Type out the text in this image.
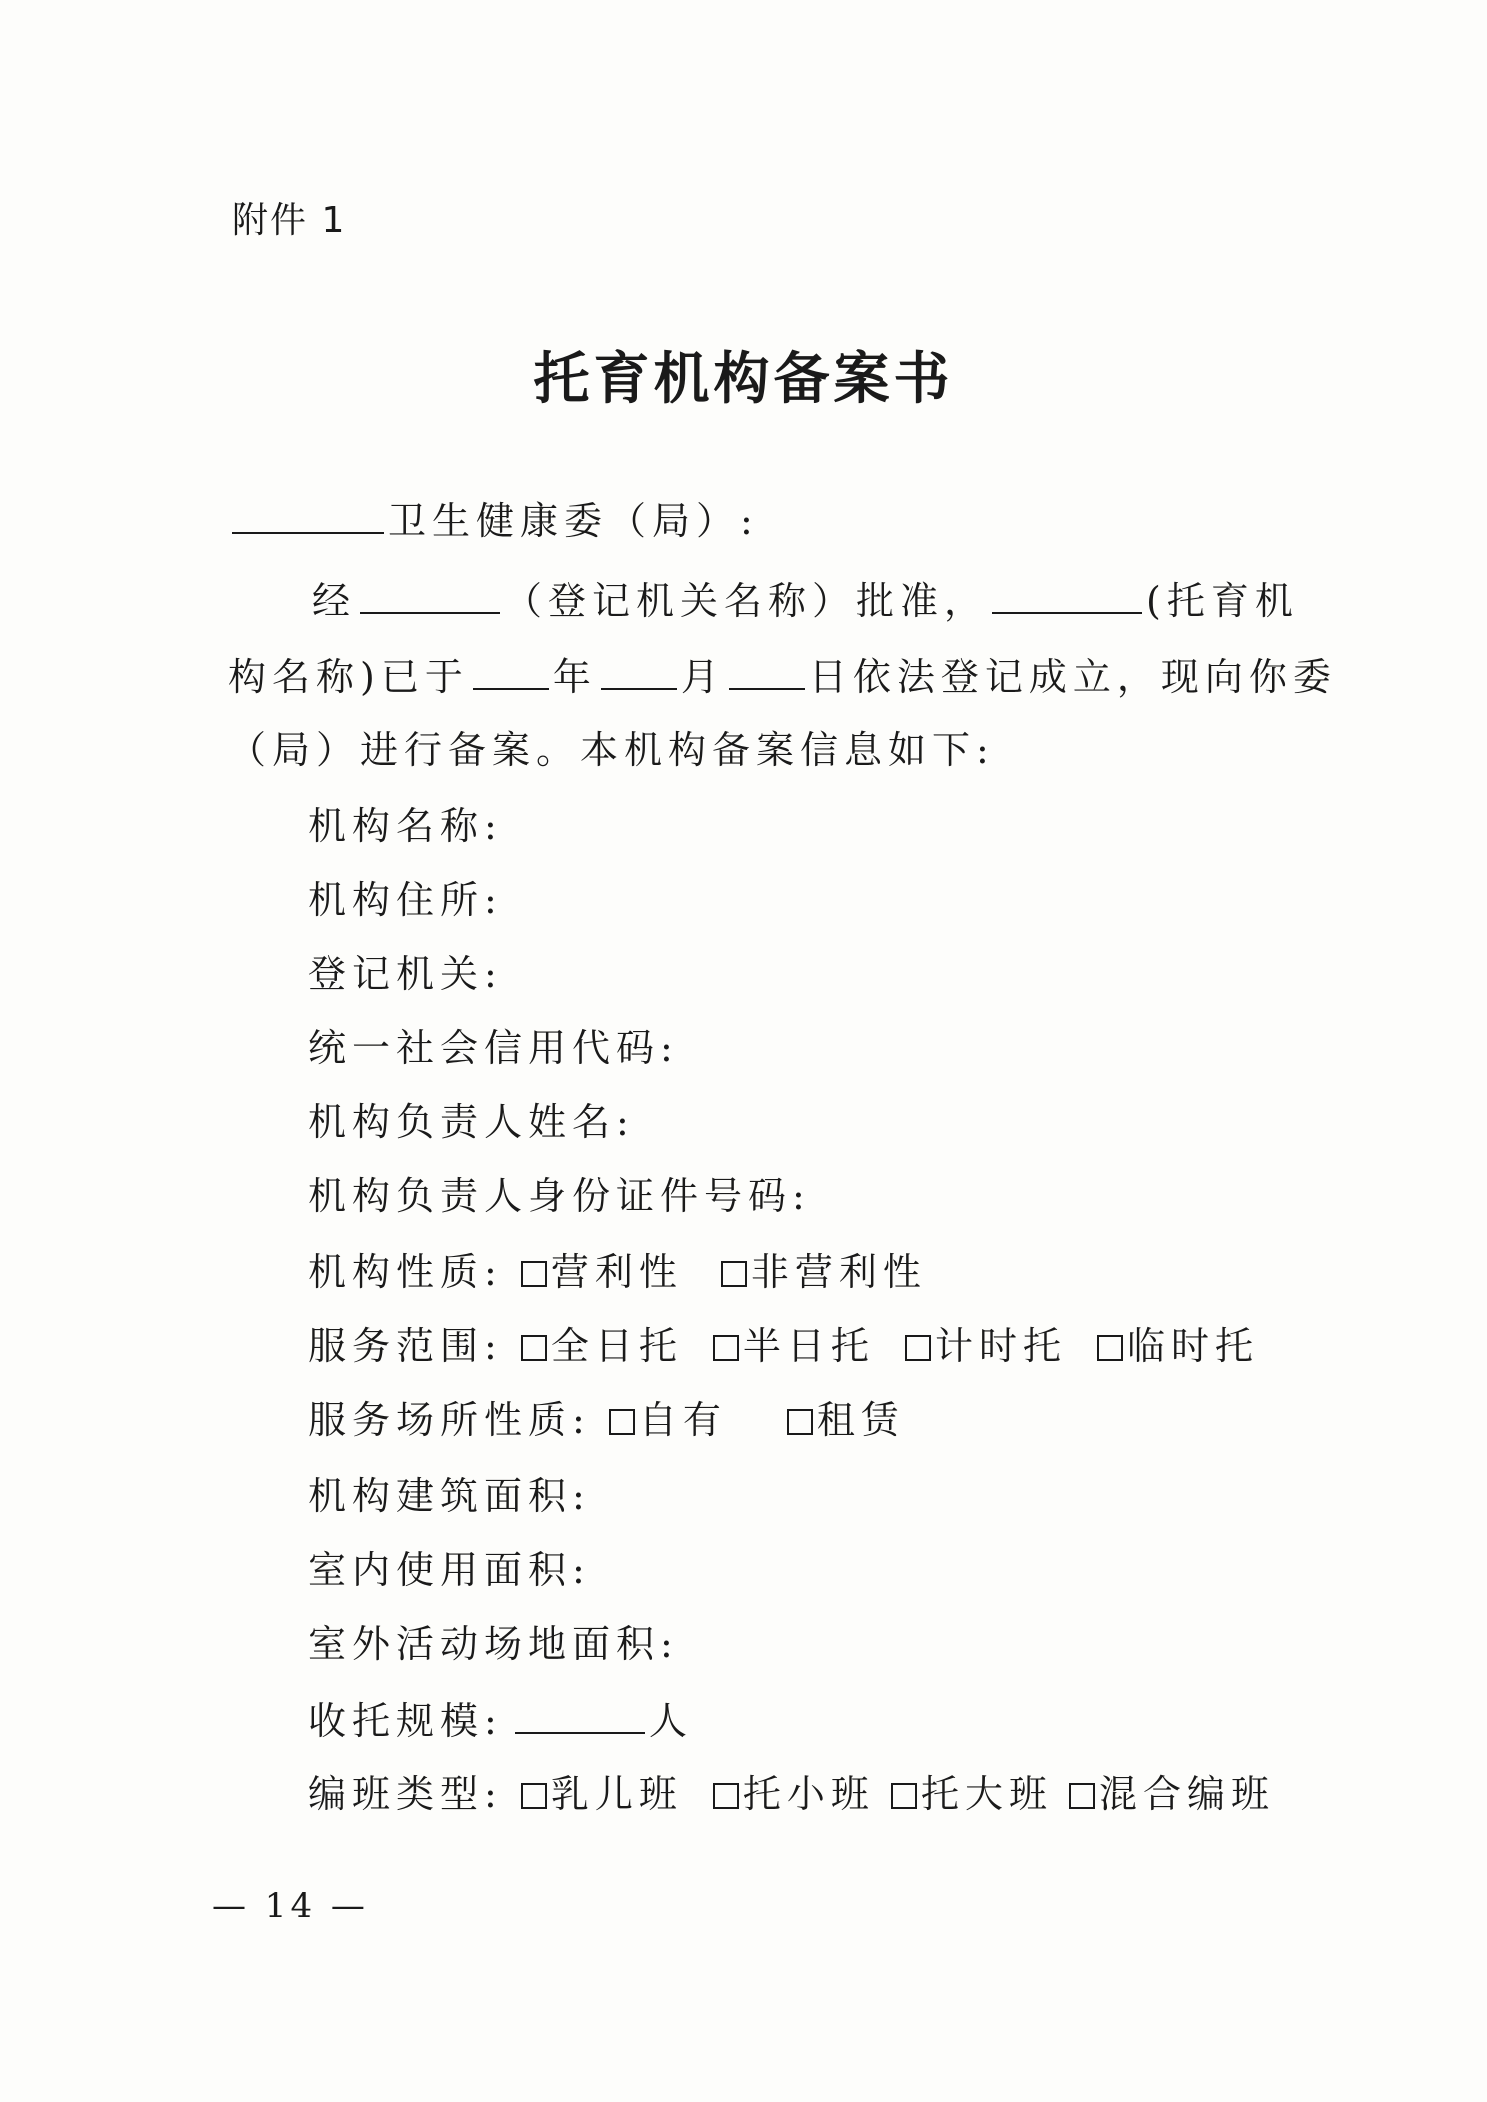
附件 1
托育机构备案书
卫生健康委（局）:
经	（登记机关名称）批准，	(托育机
构名称)已于 年 月 日依法登记成立，现向你委
（局）进行备案。本机构备案信息如下:
机构名称:
机构住所:
登记机关:
统一社会信用代码:
机构负责人姓名:
机构负责人身份证件号码:
机构性质: 营利性 非营利性
服务范围: 全日托 半日托 计时托 临时托
服务场所性质: 自有 租赁
机构建筑面积:
室内使用面积:
室外活动场地面积:
收托规模:	人
编班类型: 乳儿班 托小班 托大班 混合编班
— 14 —
